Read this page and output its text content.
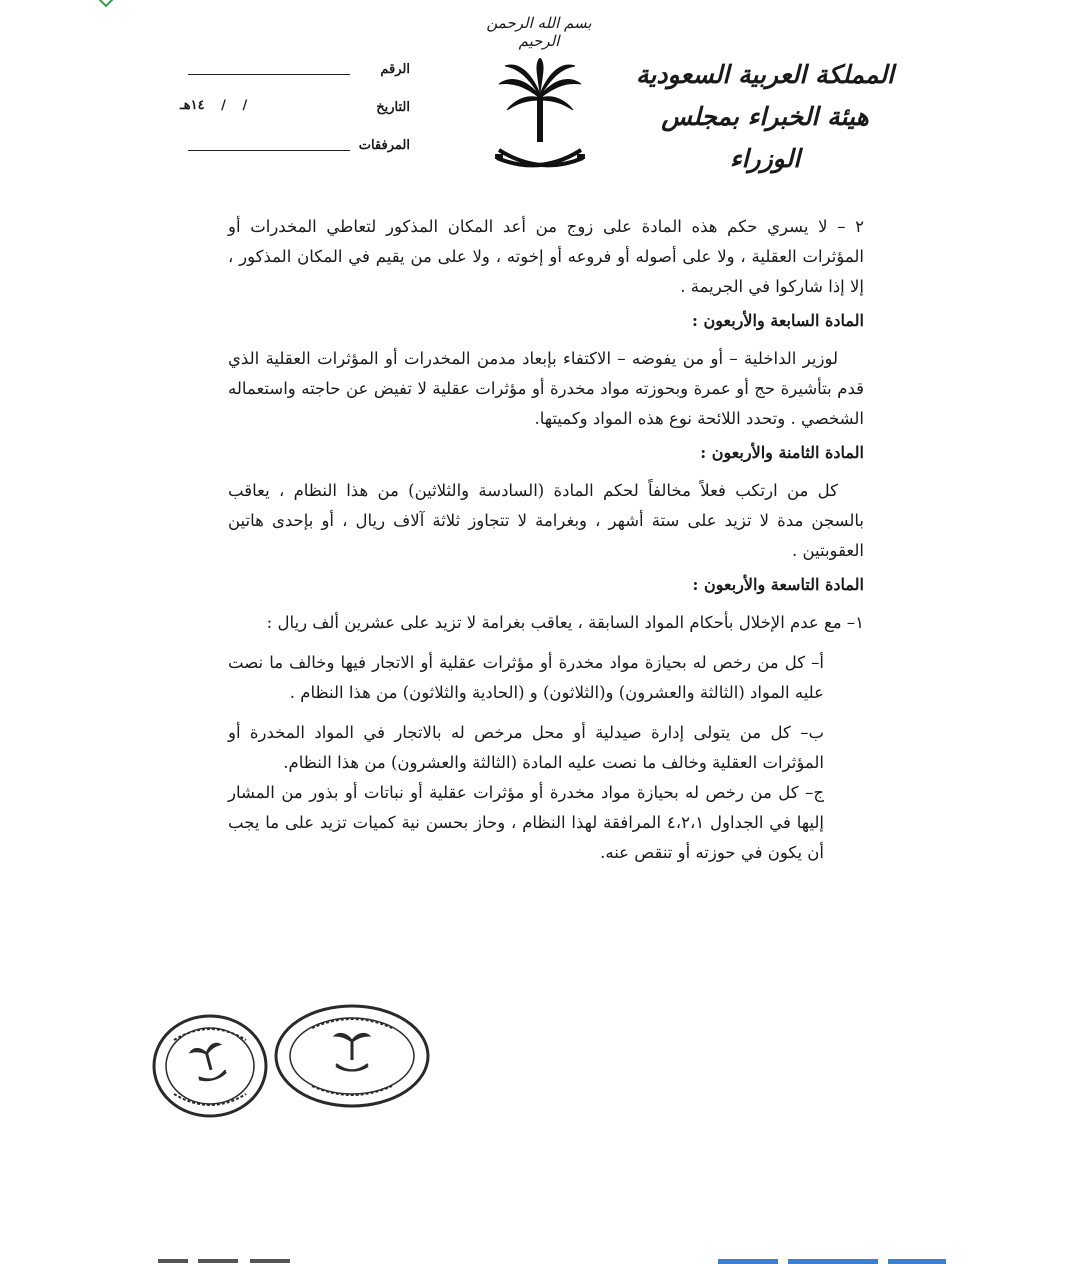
بسم الله الرحمن الرحيم
المملكة العربية السعودية
هيئة الخبراء بمجلس الوزراء
الرقم
التاريخ
١٤هـ / /
المرفقات

٢ – لا يسري حكم هذه المادة على زوج من أعد المكان المذكور لتعاطي المخدرات أو المؤثرات العقلية ، ولا على أصوله أو فروعه أو إخوته ، ولا على من يقيم في المكان المذكور ، إلا إذا شاركوا في الجريمة .

المادة السابعة والأربعون :

لوزير الداخلية – أو من يفوضه – الاكتفاء بإبعاد مدمن المخدرات أو المؤثرات العقلية الذي قدم بتأشيرة حج أو عمرة وبحوزته مواد مخدرة أو مؤثرات عقلية لا تفيض عن حاجته واستعماله الشخصي . وتحدد اللائحة نوع هذه المواد وكميتها.

المادة الثامنة والأربعون :

كل من ارتكب فعلاً مخالفاً لحكم المادة (السادسة والثلاثين) من هذا النظام ، يعاقب بالسجن مدة لا تزيد على ستة أشهر ، وبغرامة لا تتجاوز ثلاثة آلاف ريال ، أو بإحدى هاتين العقوبتين .

المادة التاسعة والأربعون :

١– مع عدم الإخلال بأحكام المواد السابقة ، يعاقب بغرامة لا تزيد على عشرين ألف ريال :

أ– كل من رخص له بحيازة مواد مخدرة أو مؤثرات عقلية أو الاتجار فيها وخالف ما نصت عليه المواد (الثالثة والعشرون) و(الثلاثون) و (الحادية والثلاثون) من هذا النظام .

ب– كل من يتولى إدارة صيدلية أو محل مرخص له بالاتجار في المواد المخدرة أو المؤثرات العقلية وخالف ما نصت عليه المادة (الثالثة والعشرون) من هذا النظام.

ج– كل من رخص له بحيازة مواد مخدرة أو مؤثرات عقلية أو نباتات أو بذور من المشار إليها في الجداول ٤،٢،١ المرافقة لهذا النظام ، وحاز بحسن نية كميات تزيد على ما يجب أن يكون في حوزته أو تنقص عنه.
